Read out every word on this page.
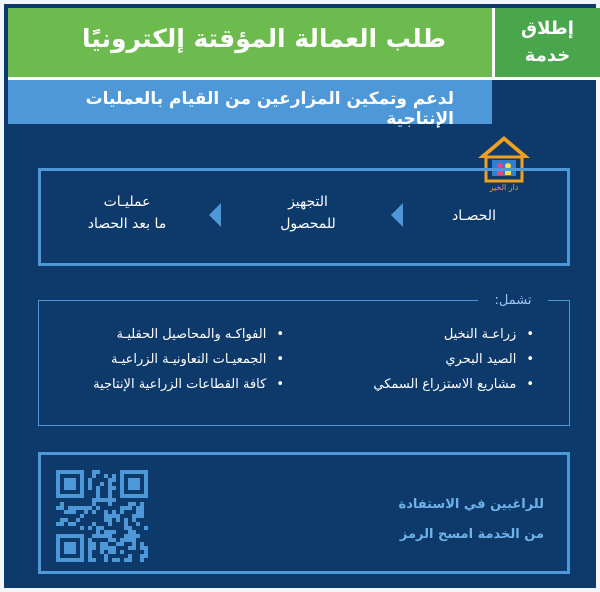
إطلاق
خدمة
طلب العمالة المؤقتة إلكترونيًا
لدعم وتمكين المزارعين من القيام بالعمليات الإنتاجية
دار الخير
الحصـاد
التجهيز
للمحصول
عمليـات
ما بعد الحصاد
تشمل:
• زراعـة النخيل
• الصيد البحري
• مشاريع الاستزراع السمكي
• الفواكـه والمحاصيل الحقليـة
• الجمعيـات التعاونيـة الزراعيـة
• كافة القطاعات الزراعية الإنتاجية
للراغبين في الاستفادة
من الخدمة امسح الرمز
